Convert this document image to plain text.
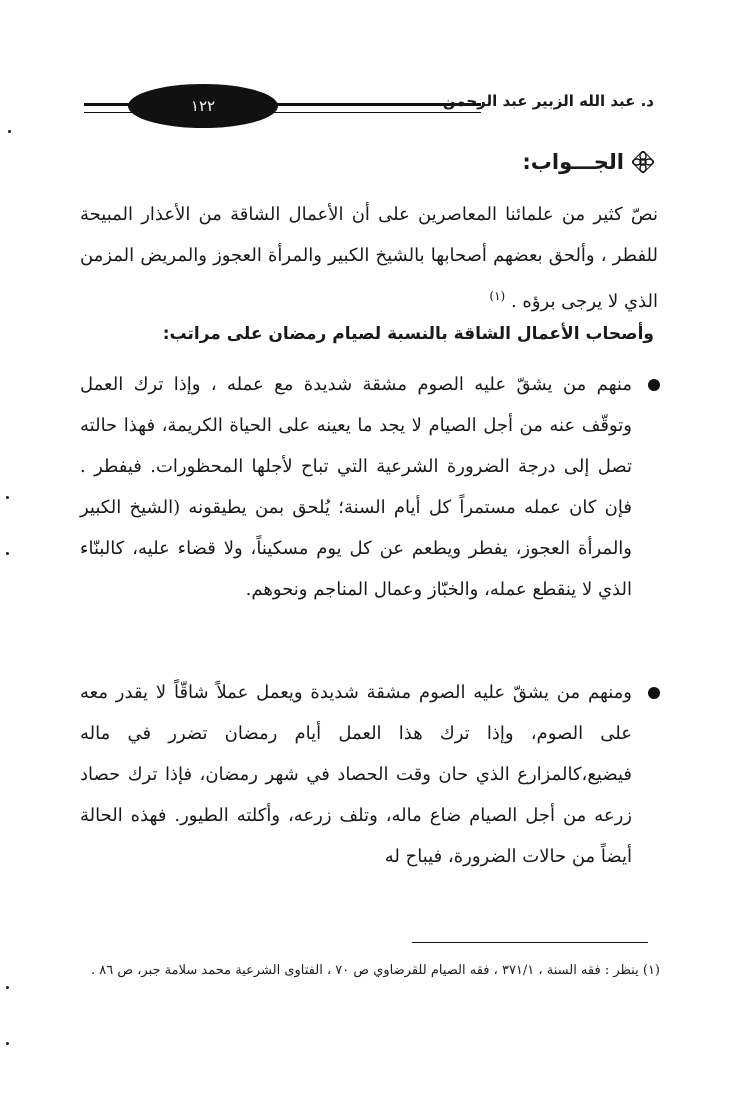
١٢٢	د. عبد الله الزبير عبد الرحمن
الجـــواب:
نصّ كثير من علمائنا المعاصرين على أن الأعمال الشاقة من الأعذار المبيحة للفطر ، وألحق بعضهم أصحابها بالشيخ الكبير والمرأة العجوز والمريض المزمن الذي لا يرجى برؤه . $^{(١)}$
وأصحاب الأعمال الشاقة بالنسبة لصيام رمضان على مراتب:
منهم من يشقّ عليه الصوم مشقة شديدة مع عمله ، وإذا ترك العمل وتوقّف عنه من أجل الصيام لا يجد ما يعينه على الحياة الكريمة، فهذا حالته تصل إلى درجة الضرورة الشرعية التي تباح لأجلها المحظورات. فيفطر . فإن كان عمله مستمراً كل أيام السنة؛ يُلحق بمن يطيقونه (الشيخ الكبير والمرأة العجوز، يفطر ويطعم عن كل يوم مسكيناً، ولا قضاء عليه، كالبنّاء الذي لا ينقطع عمله، والخبّاز وعمال المناجم ونحوهم.
ومنهم من يشقّ عليه الصوم مشقة شديدة ويعمل عملاً شاقّاً لا يقدر معه على الصوم، وإذا ترك هذا العمل أيام رمضان تضرر في ماله فيضيع،كالمزارع الذي حان وقت الحصاد في شهر رمضان، فإذا ترك حصاد زرعه من أجل الصيام ضاع ماله، وتلف زرعه، وأكلته الطيور. فهذه الحالة أيضاً من حالات الضرورة، فيباح له
(١) ينظر : فقه السنة ، ٣٧١/١ ، فقه الصيام للقرضاوي ص ٧٠ ، الفتاوى الشرعية محمد سلامة جبر، ص ٨٦ .
